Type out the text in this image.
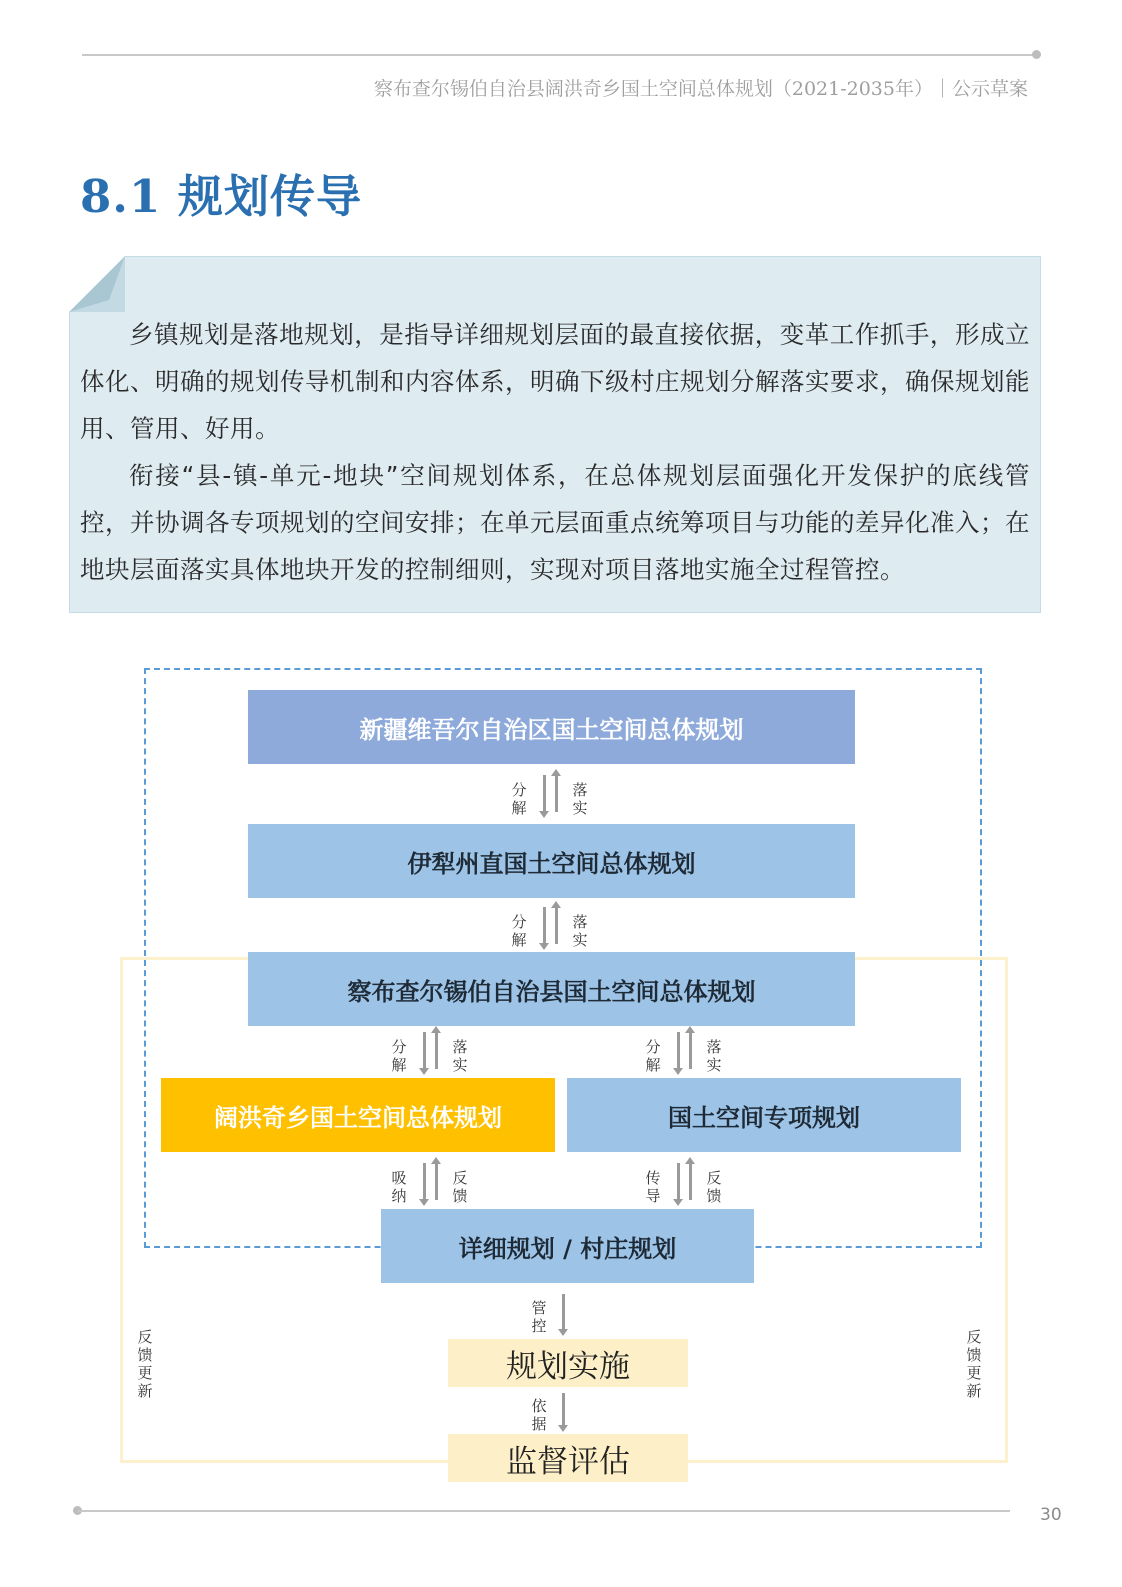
察布查尔锡伯自治县阔洪奇乡国土空间总体规划（2021-2035年）｜公示草案
8.1 规划传导

乡镇规划是落地规划，是指导详细规划层面的最直接依据，变革工作抓手，形成立体化、明确的规划传导机制和内容体系，明确下级村庄规划分解落实要求，确保规划能用、管用、好用。

衔接“县-镇-单元-地块”空间规划体系，在总体规划层面强化开发保护的底线管控，并协调各专项规划的空间安排；在单元层面重点统筹项目与功能的差异化准入；在地块层面落实具体地块开发的控制细则，实现对项目落地实施全过程管控。

新疆维吾尔自治区国土空间总体规划
伊犁州直国土空间总体规划
察布查尔锡伯自治县国土空间总体规划
阔洪奇乡国土空间总体规划	国土空间专项规划
详细规划 / 村庄规划
规划实施
监督评估
分解
落实
分解
落实
分解
落实
分解
落实
吸纳
反馈
传导
反馈
管控
依据
反馈更新
反馈更新
30
